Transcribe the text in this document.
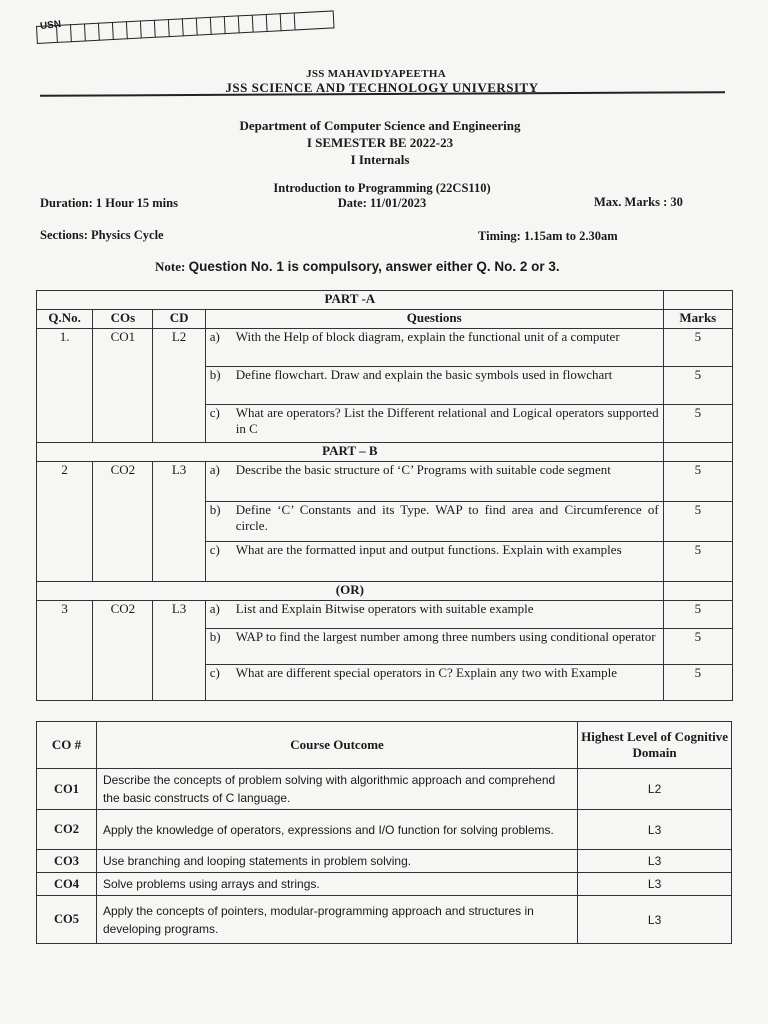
USN
JSS MAHAVIDYAPEETHA
JSS SCIENCE AND TECHNOLOGY UNIVERSITY
Department of Computer Science and Engineering
I SEMESTER BE 2022-23
I Internals
Introduction to Programming (22CS110)
Date: 11/01/2023
Duration: 1 Hour 15 mins	Max. Marks : 30
Sections: Physics Cycle	Timing: 1.15am to 2.30am
Note: Question No. 1 is compulsory, answer either Q. No. 2 or 3.
PART -A				
Q.No.	COs	CD	Questions	Marks
1.	CO1	L2	a) With the Help of block diagram, explain the functional unit of a computer	5

			b) Define flowchart. Draw and explain the basic symbols used in flowchart	5

			c) What are operators? List the Different relational and Logical operators supported in C	5
PART – B				
2	CO2	L3	a) Describe the basic structure of ‘C’ Programs with suitable code segment	5

			b) Define ‘C’ Constants and its Type. WAP to find area and Circumference of circle.	5

			c) What are the formatted input and output functions. Explain with examples	5
(OR)				
3	CO2	L3	a) List and Explain Bitwise operators with suitable example	5

			b) WAP to find the largest number among three numbers using conditional operator	5

			c) What are different special operators in C? Explain any two with Example	5
CO #	Course Outcome	Highest Level of Cognitive Domain
CO1	Describe the concepts of problem solving with algorithmic approach and comprehend the basic constructs of C language.	L2
CO2	Apply the knowledge of operators, expressions and I/O function for solving problems.	L3
CO3	Use branching and looping statements in problem solving.	L3
CO4	Solve problems using arrays and strings.	L3
CO5	Apply the concepts of pointers, modular-programming approach and structures in developing programs.	L3
